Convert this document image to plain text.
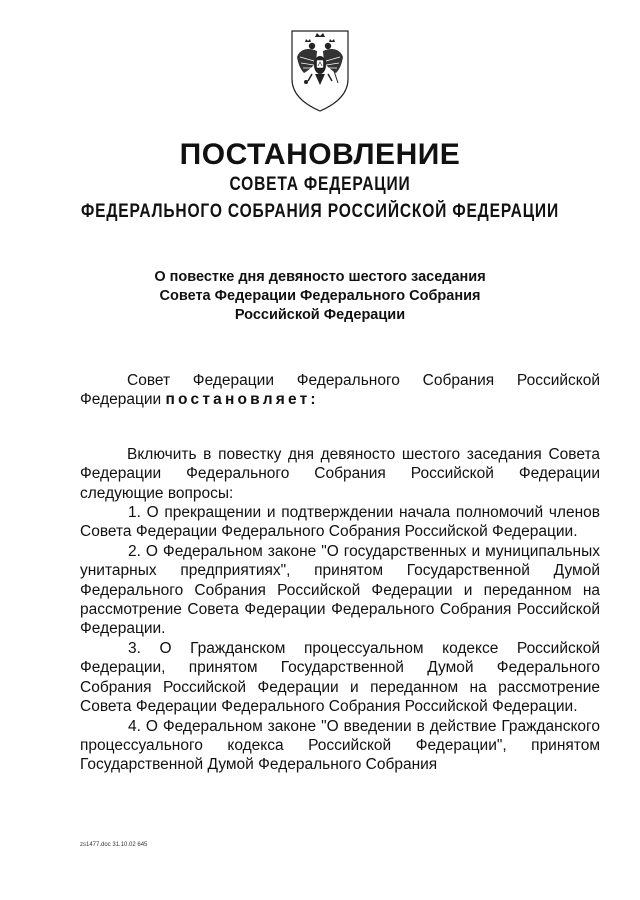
ПОСТАНОВЛЕНИЕ
СОВЕТА ФЕДЕРАЦИИ
ФЕДЕРАЛЬНОГО СОБРАНИЯ РОССИЙСКОЙ ФЕДЕРАЦИИ
О повестке дня девяносто шестого заседания
Совета Федерации Федерального Собрания
Российской Федерации

Совет Федерации Федерального Собрания Российской Федерации постановляет:

Включить в повестку дня девяносто шестого заседания Совета Федерации Федерального Собрания Российской Федерации следующие вопросы:

1. О прекращении и подтверждении начала полномочий членов Совета Федерации Федерального Собрания Российской Федерации.

2. О Федеральном законе "О государственных и муниципальных унитарных предприятиях", принятом Государственной Думой Федерального Собрания Российской Федерации и переданном на рассмотрение Совета Федерации Федерального Собрания Российской Федерации.

3. О Гражданском процессуальном кодексе Российской Федерации, принятом Государственной Думой Федерального Собрания Российской Федерации и переданном на рассмотрение Совета Федерации Федерального Собрания Российской Федерации.

4. О Федеральном законе "О введении в действие Гражданского процессуального кодекса Российской Федерации", принятом Государственной Думой Федерального Собрания

zs1477.doc 31.10.02 645
